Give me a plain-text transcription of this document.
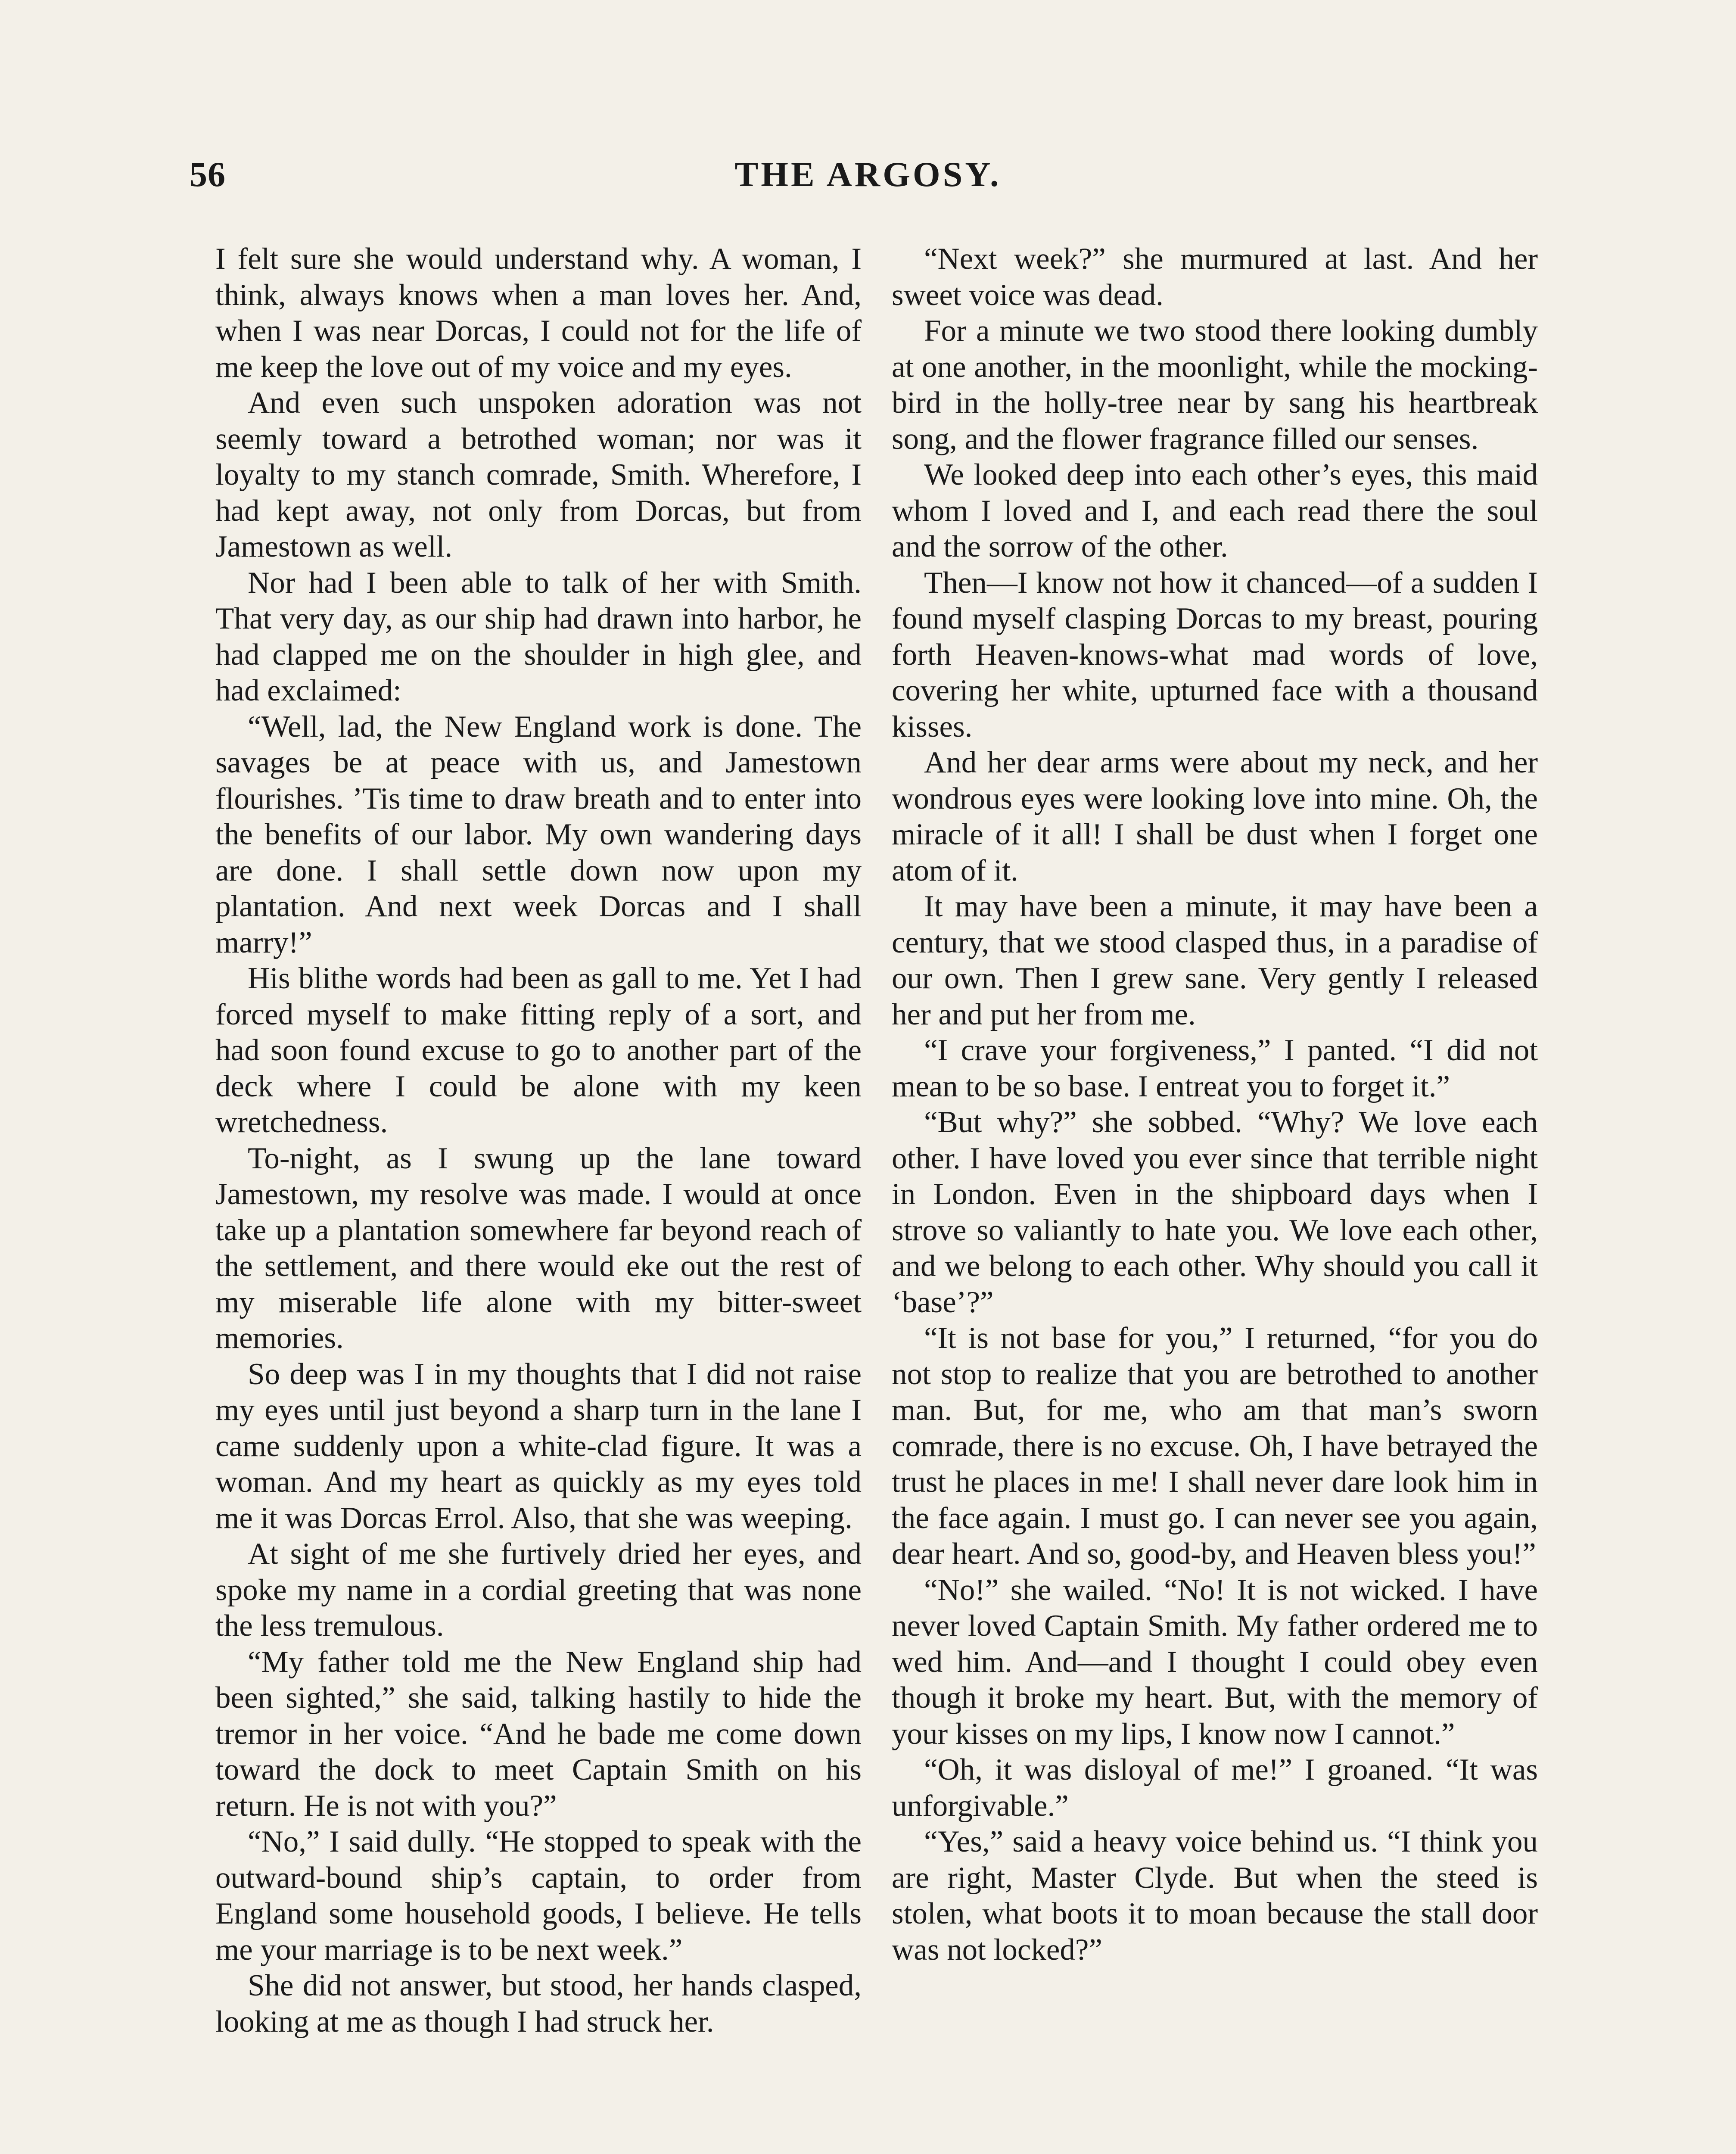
56	THE ARGOSY.

I felt sure she would understand why. A woman, I think, always knows when a man loves her. And, when I was near Dorcas, I could not for the life of me keep the love out of my voice and my eyes.

And even such unspoken adoration was not seemly toward a betrothed woman; nor was it loyalty to my stanch comrade, Smith. Wherefore, I had kept away, not only from Dorcas, but from Jamestown as well.

Nor had I been able to talk of her with Smith. That very day, as our ship had drawn into harbor, he had clapped me on the shoulder in high glee, and had exclaimed:

“Well, lad, the New England work is done. The savages be at peace with us, and Jamestown flourishes. ’Tis time to draw breath and to enter into the benefits of our labor. My own wandering days are done. I shall settle down now upon my plantation. And next week Dorcas and I shall marry!”

His blithe words had been as gall to me. Yet I had forced myself to make fitting reply of a sort, and had soon found excuse to go to another part of the deck where I could be alone with my keen wretchedness.

To-night, as I swung up the lane toward Jamestown, my resolve was made. I would at once take up a plantation somewhere far beyond reach of the settlement, and there would eke out the rest of my miserable life alone with my bitter-sweet memories.

So deep was I in my thoughts that I did not raise my eyes until just beyond a sharp turn in the lane I came suddenly upon a white-clad figure. It was a woman. And my heart as quickly as my eyes told me it was Dorcas Errol. Also, that she was weeping.

At sight of me she furtively dried her eyes, and spoke my name in a cordial greeting that was none the less tremulous.

“My father told me the New England ship had been sighted,” she said, talking hastily to hide the tremor in her voice. “And he bade me come down toward the dock to meet Captain Smith on his return. He is not with you?”

“No,” I said dully. “He stopped to speak with the outward-bound ship’s captain, to order from England some household goods, I believe. He tells me your marriage is to be next week.”

She did not answer, but stood, her hands clasped, looking at me as though I had struck her.

“Next week?” she murmured at last. And her sweet voice was dead.

For a minute we two stood there looking dumbly at one another, in the moonlight, while the mocking-bird in the holly-tree near by sang his heartbreak song, and the flower fragrance filled our senses.

We looked deep into each other’s eyes, this maid whom I loved and I, and each read there the soul and the sorrow of the other.

Then—I know not how it chanced—of a sudden I found myself clasping Dorcas to my breast, pouring forth Heaven-knows-what mad words of love, covering her white, upturned face with a thousand kisses.

And her dear arms were about my neck, and her wondrous eyes were looking love into mine. Oh, the miracle of it all! I shall be dust when I forget one atom of it.

It may have been a minute, it may have been a century, that we stood clasped thus, in a paradise of our own. Then I grew sane. Very gently I released her and put her from me.

“I crave your forgiveness,” I panted. “I did not mean to be so base. I entreat you to forget it.”

“But why?” she sobbed. “Why? We love each other. I have loved you ever since that terrible night in London. Even in the shipboard days when I strove so valiantly to hate you. We love each other, and we belong to each other. Why should you call it ‘base’?”

“It is not base for you,” I returned, “for you do not stop to realize that you are betrothed to another man. But, for me, who am that man’s sworn comrade, there is no excuse. Oh, I have betrayed the trust he places in me! I shall never dare look him in the face again. I must go. I can never see you again, dear heart. And so, good-by, and Heaven bless you!”

“No!” she wailed. “No! It is not wicked. I have never loved Captain Smith. My father ordered me to wed him. And—and I thought I could obey even though it broke my heart. But, with the memory of your kisses on my lips, I know now I cannot.”

“Oh, it was disloyal of me!” I groaned. “It was unforgivable.”

“Yes,” said a heavy voice behind us. “I think you are right, Master Clyde. But when the steed is stolen, what boots it to moan because the stall door was not locked?”
